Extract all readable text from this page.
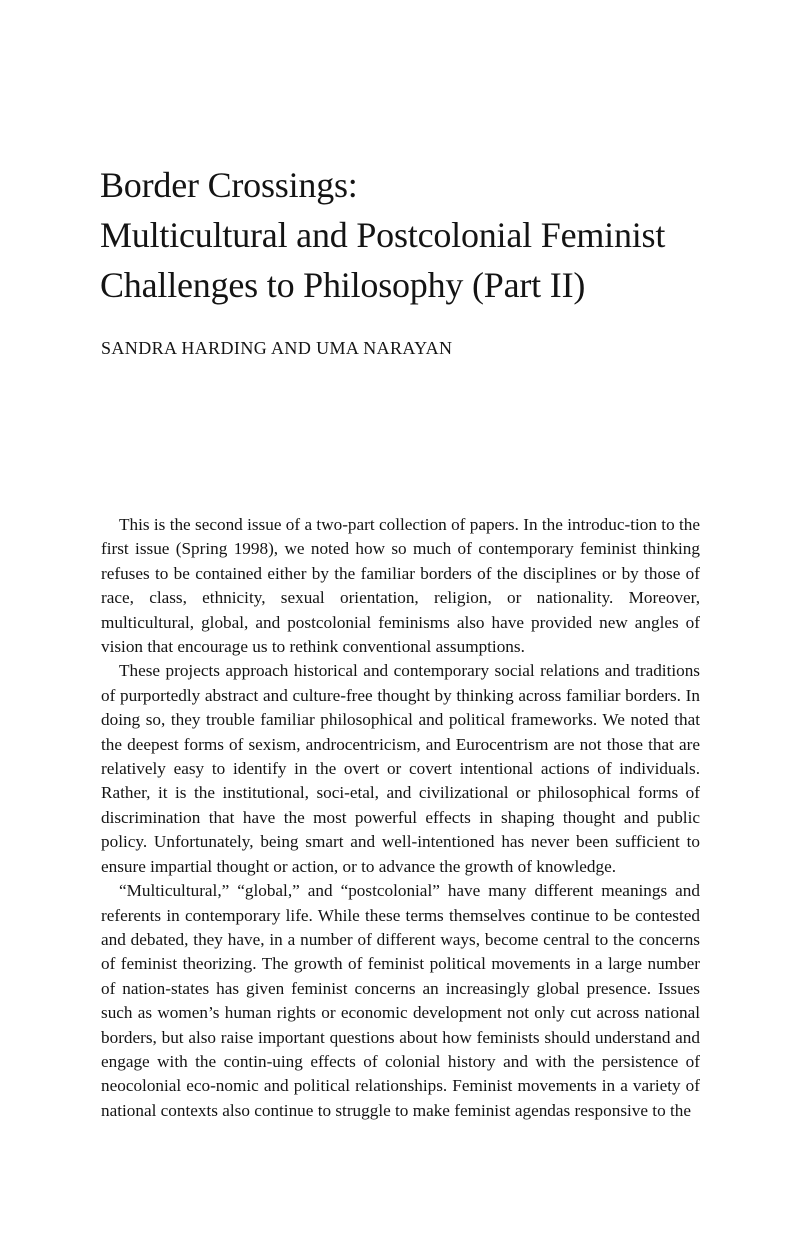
Border Crossings:
Multicultural and Postcolonial Feminist
Challenges to Philosophy (Part II)

SANDRA HARDING AND UMA NARAYAN

This is the second issue of a two-part collection of papers. In the introduc-tion to the first issue (Spring 1998), we noted how so much of contemporary feminist thinking refuses to be contained either by the familiar borders of the disciplines or by those of race, class, ethnicity, sexual orientation, religion, or nationality. Moreover, multicultural, global, and postcolonial feminisms also have provided new angles of vision that encourage us to rethink conventional assumptions.

These projects approach historical and contemporary social relations and traditions of purportedly abstract and culture-free thought by thinking across familiar borders. In doing so, they trouble familiar philosophical and political frameworks. We noted that the deepest forms of sexism, androcentricism, and Eurocentrism are not those that are relatively easy to identify in the overt or covert intentional actions of individuals. Rather, it is the institutional, soci-etal, and civilizational or philosophical forms of discrimination that have the most powerful effects in shaping thought and public policy. Unfortunately, being smart and well-intentioned has never been sufficient to ensure impartial thought or action, or to advance the growth of knowledge.

“Multicultural,” “global,” and “postcolonial” have many different meanings and referents in contemporary life. While these terms themselves continue to be contested and debated, they have, in a number of different ways, become central to the concerns of feminist theorizing. The growth of feminist political movements in a large number of nation-states has given feminist concerns an increasingly global presence. Issues such as women’s human rights or economic development not only cut across national borders, but also raise important questions about how feminists should understand and engage with the contin-uing effects of colonial history and with the persistence of neocolonial eco-nomic and political relationships. Feminist movements in a variety of national contexts also continue to struggle to make feminist agendas responsive to the
